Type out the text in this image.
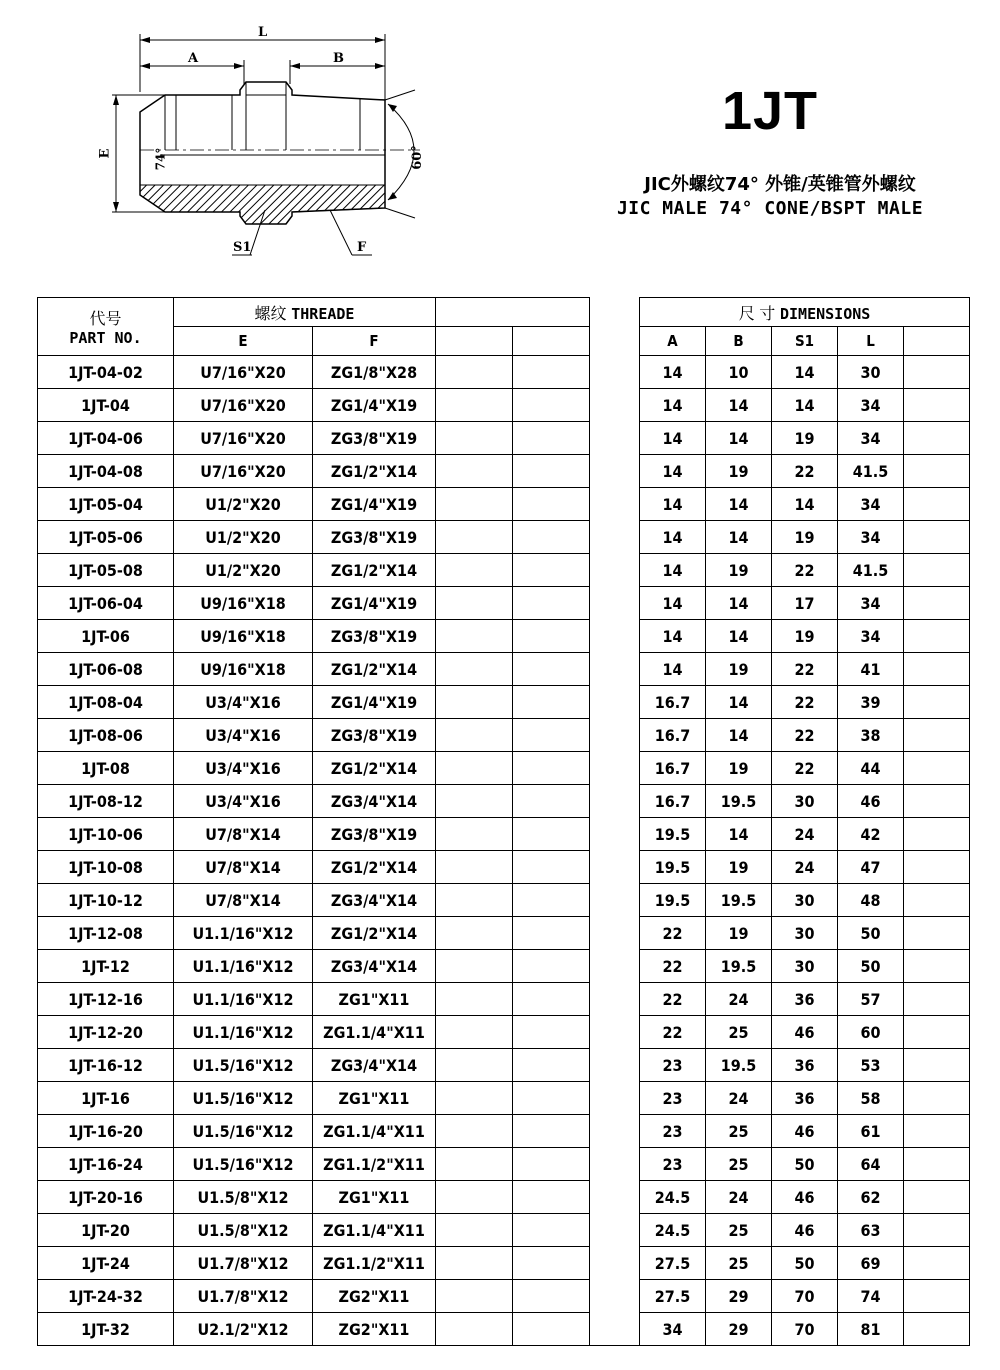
L
A	B
E	74°	60°
S1	F
1JT
JIC外螺纹74° 外锥/英锥管外螺纹
JIC MALE 74° CONE/BSPT MALE
代号
PART NO.	螺纹 THREADE					尺 寸 DIMENSIONS				
	E	F				A	B	S1	L	
1JT-04-02	U7/16"X20	ZG1/8"X28				14	10	14	30	
1JT-04	U7/16"X20	ZG1/4"X19				14	14	14	34	
1JT-04-06	U7/16"X20	ZG3/8"X19				14	14	19	34	
1JT-04-08	U7/16"X20	ZG1/2"X14				14	19	22	41.5	
1JT-05-04	U1/2"X20	ZG1/4"X19				14	14	14	34	
1JT-05-06	U1/2"X20	ZG3/8"X19				14	14	19	34	
1JT-05-08	U1/2"X20	ZG1/2"X14				14	19	22	41.5	
1JT-06-04	U9/16"X18	ZG1/4"X19				14	14	17	34	
1JT-06	U9/16"X18	ZG3/8"X19				14	14	19	34	
1JT-06-08	U9/16"X18	ZG1/2"X14				14	19	22	41	
1JT-08-04	U3/4"X16	ZG1/4"X19				16.7	14	22	39	
1JT-08-06	U3/4"X16	ZG3/8"X19				16.7	14	22	38	
1JT-08	U3/4"X16	ZG1/2"X14				16.7	19	22	44	
1JT-08-12	U3/4"X16	ZG3/4"X14				16.7	19.5	30	46	
1JT-10-06	U7/8"X14	ZG3/8"X19				19.5	14	24	42	
1JT-10-08	U7/8"X14	ZG1/2"X14				19.5	19	24	47	
1JT-10-12	U7/8"X14	ZG3/4"X14				19.5	19.5	30	48	
1JT-12-08	U1.1/16"X12	ZG1/2"X14				22	19	30	50	
1JT-12	U1.1/16"X12	ZG3/4"X14				22	19.5	30	50	
1JT-12-16	U1.1/16"X12	ZG1"X11				22	24	36	57	
1JT-12-20	U1.1/16"X12	ZG1.1/4"X11				22	25	46	60	
1JT-16-12	U1.5/16"X12	ZG3/4"X14				23	19.5	36	53	
1JT-16	U1.5/16"X12	ZG1"X11				23	24	36	58	
1JT-16-20	U1.5/16"X12	ZG1.1/4"X11				23	25	46	61	
1JT-16-24	U1.5/16"X12	ZG1.1/2"X11				23	25	50	64	
1JT-20-16	U1.5/8"X12	ZG1"X11				24.5	24	46	62	
1JT-20	U1.5/8"X12	ZG1.1/4"X11				24.5	25	46	63	
1JT-24	U1.7/8"X12	ZG1.1/2"X11				27.5	25	50	69	
1JT-24-32	U1.7/8"X12	ZG2"X11				27.5	29	70	74	
1JT-32	U2.1/2"X12	ZG2"X11				34	29	70	81	
